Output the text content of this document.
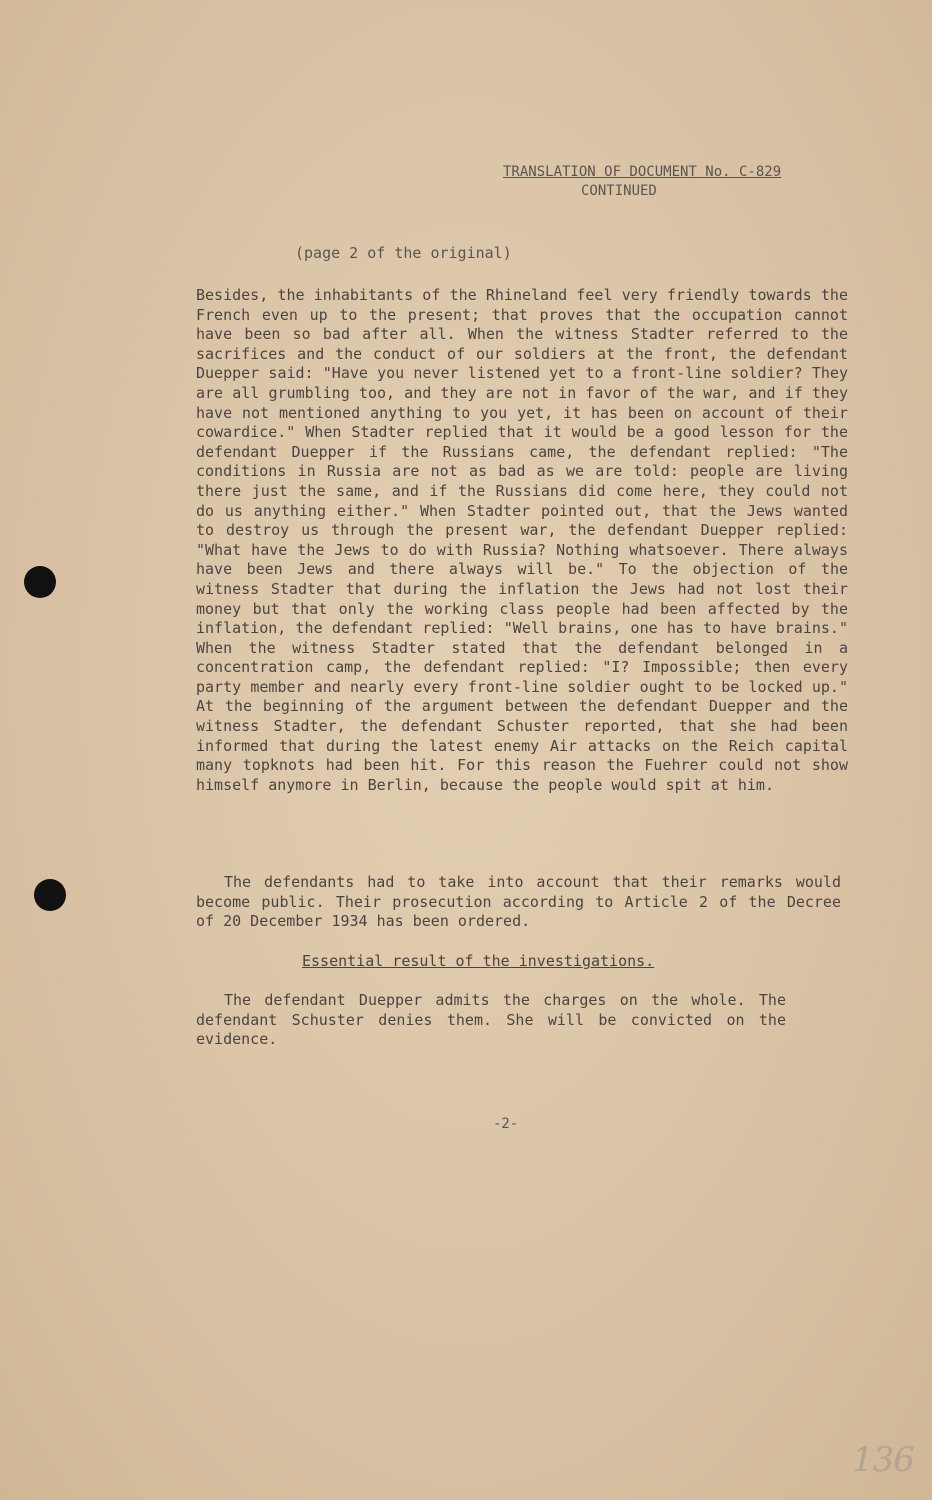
TRANSLATION OF DOCUMENT No. C-829
CONTINUED
(page 2 of the original)

Besides, the inhabitants of the Rhineland feel very friendly towards the French even up to the present; that proves that the occupation cannot have been so bad after all. When the witness Stadter referred to the sacrifices and the conduct of our soldiers at the front, the defendant Duepper said: "Have you never listened yet to a front-line soldier? They are all grumbling too, and they are not in favor of the war, and if they have not mentioned anything to you yet, it has been on account of their cowardice." When Stadter replied that it would be a good lesson for the defendant Duepper if the Russians came, the defendant replied: "The conditions in Russia are not as bad as we are told: people are living there just the same, and if the Russians did come here, they could not do us anything either." When Stadter pointed out, that the Jews wanted to destroy us through the present war, the defendant Duepper replied: "What have the Jews to do with Russia? Nothing whatsoever. There always have been Jews and there always will be." To the objection of the witness Stadter that during the inflation the Jews had not lost their money but that only the working class people had been affected by the inflation, the defendant replied: "Well brains, one has to have brains." When the witness Stadter stated that the defendant belonged in a concentration camp, the defendant replied: "I? Impossible; then every party member and nearly every front-line soldier ought to be locked up." At the beginning of the argument between the defendant Duepper and the witness Stadter, the defendant Schuster reported, that she had been informed that during the latest enemy Air attacks on the Reich capital many topknots had been hit. For this reason the Fuehrer could not show himself anymore in Berlin, because the people would spit at him.

The defendants had to take into account that their remarks would become public. Their prosecution according to Article 2 of the Decree of 20 December 1934 has been ordered.
Essential result of the investigations.
The defendant Duepper admits the charges on the whole. The defendant Schuster denies them. She will be convicted on the evidence.
-2-
136
